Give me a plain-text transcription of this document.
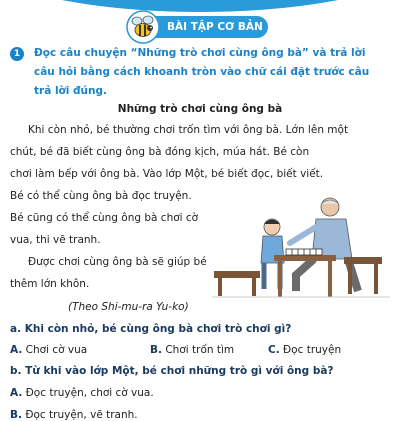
BÀI TẬP CƠ BẢN ★
1	Đọc câu chuyện “Những trò chơi cùng ông bà” và trả lời
câu hỏi bằng cách khoanh tròn vào chữ cái đặt trước câu
trả lời đúng.
Những trò chơi cùng ông bà
Khi còn nhỏ, bé thường chơi trốn tìm với ông bà. Lớn lên một
chút, bé đã biết cùng ông bà đóng kịch, múa hát. Bé còn
chơi làm bếp với ông bà. Vào lớp Một, bé biết đọc, biết viết.
Bé có thể cùng ông bà đọc truyện.
Bé cũng có thể cùng ông bà chơi cờ
vua, thi vẽ tranh.
Được chơi cùng ông bà sẽ giúp bé
thêm lớn khôn.
(Theo Shi-mu-ra Yu-ko)
a. Khi còn nhỏ, bé cùng ông bà chơi trò chơi gì?
A. Chơi cờ vua	B. Chơi trốn tìm	C. Đọc truyện
b. Từ khi vào lớp Một, bé chơi những trò gì với ông bà?
A. Đọc truyện, chơi cờ vua.
B. Đọc truyện, vẽ tranh.
